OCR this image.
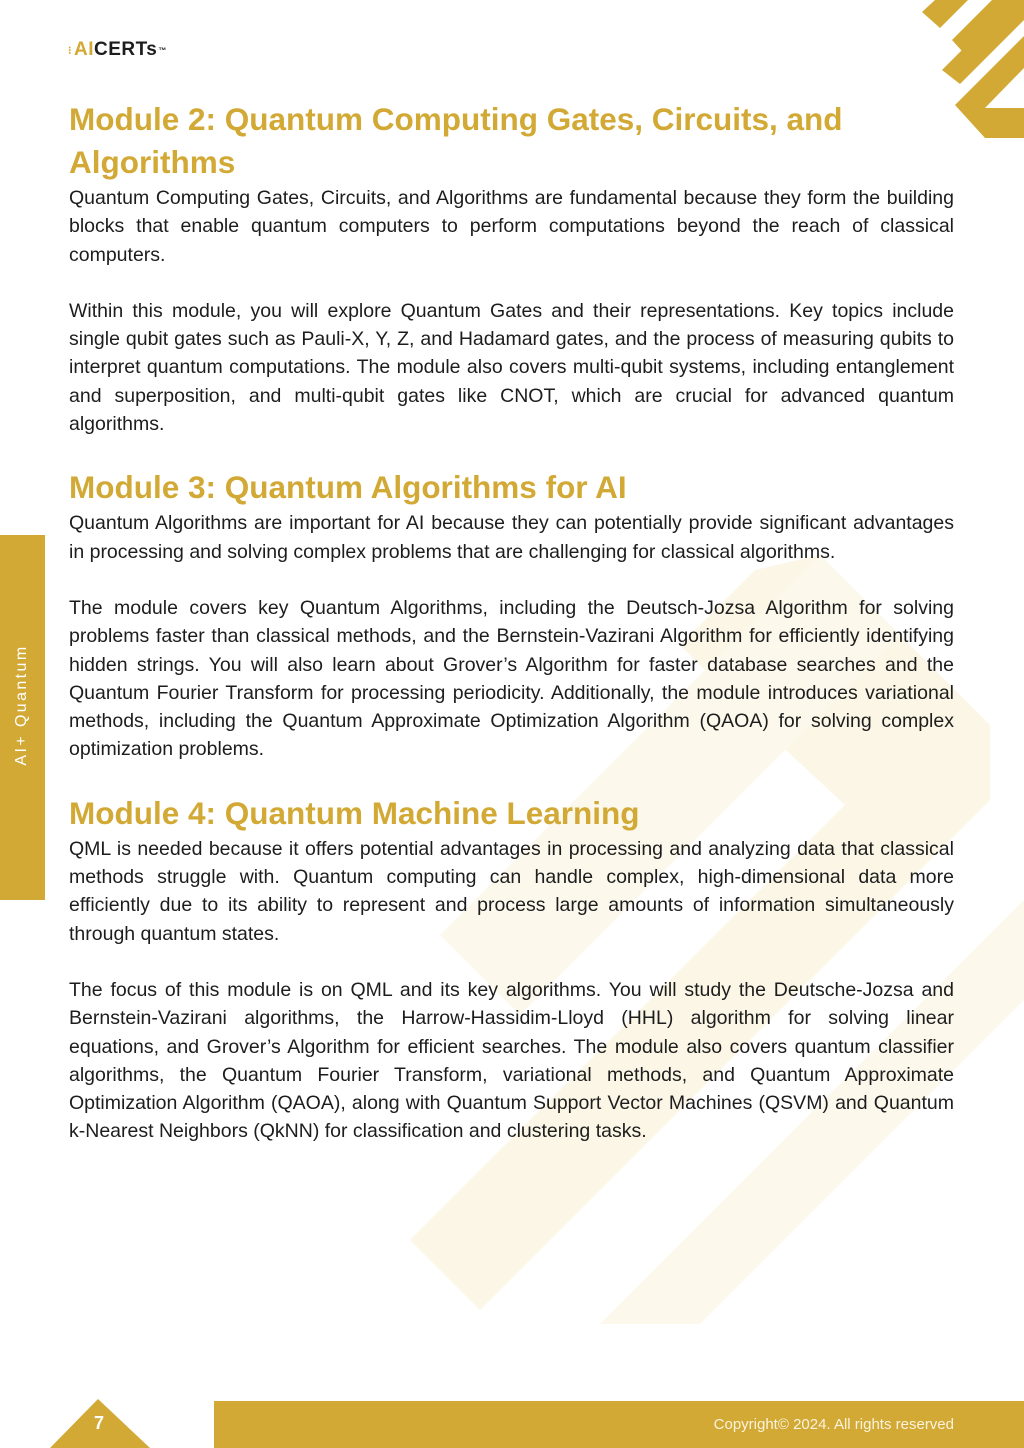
⁝ AI CERTs ™
AI+ Quantum
Module 2: Quantum Computing Gates, Circuits, and Algorithms

Quantum Computing Gates, Circuits, and Algorithms are fundamental because they form the building blocks that enable quantum computers to perform computations beyond the reach of classical computers.

Within this module, you will explore Quantum Gates and their representations. Key topics include single qubit gates such as Pauli-X, Y, Z, and Hadamard gates, and the process of measuring qubits to interpret quantum computations. The module also covers multi-qubit systems, including entanglement and superposition, and multi-qubit gates like CNOT, which are crucial for advanced quantum algorithms.

Module 3: Quantum Algorithms for AI

Quantum Algorithms are important for AI because they can potentially provide significant advantages in processing and solving complex problems that are challenging for classical algorithms.

The module covers key Quantum Algorithms, including the Deutsch-Jozsa Algorithm for solving problems faster than classical methods, and the Bernstein-Vazirani Algorithm for efficiently identifying hidden strings. You will also learn about Grover’s Algorithm for faster database searches and the Quantum Fourier Transform for processing periodicity. Additionally, the module introduces variational methods, including the Quantum Approximate Optimization Algorithm (QAOA) for solving complex optimization problems.

Module 4: Quantum Machine Learning

QML is needed because it offers potential advantages in processing and analyzing data that classical methods struggle with. Quantum computing can handle complex, high-dimensional data more efficiently due to its ability to represent and process large amounts of information simultaneously through quantum states.

The focus of this module is on QML and its key algorithms. You will study the Deutsche-Jozsa and Bernstein-Vazirani algorithms, the Harrow-Hassidim-Lloyd (HHL) algorithm for solving linear equations, and Grover’s Algorithm for efficient searches. The module also covers quantum classifier algorithms, the Quantum Fourier Transform, variational methods, and Quantum Approximate Optimization Algorithm (QAOA), along with Quantum Support Vector Machines (QSVM) and Quantum k-Nearest Neighbors (QkNN) for classification and clustering tasks.

7	Copyright© 2024. All rights reserved
